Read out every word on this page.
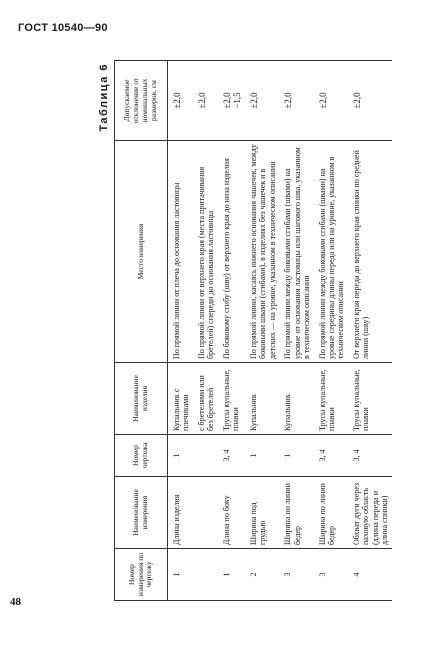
ГОСТ 10540—90
48
Таблица 6
Номер измерения по чертежу	Наименование измерения	Номер чертежа	Наименование изделия	Место измерения	Допускаемое отклонение от номинальных размеров, см
1	Длина изделия	1	Купальник с плечиками	По прямой линии от плеча до основания ластовицы	±2,0

			с бретелями или без бретелей	По прямой линии от верхнего края (места притачивания бретелей) спереди до основания ластовицы	±2,0

1	Длина по боку	3, 4	Трусы купальные, плавки	По боковому сгибу (шву) от верхнего края до низа изделия	±2,0 −1,5

2	Ширина под грудью	1	Купальник	По прямой линии, касаясь нижнего основания чашечек, между боковыми швами (сгибами), в изделиях без чашечек и в детских — на уровне, указанном в техническом описании	±2,0

3	Ширина по линии бедер	1	Купальник	По прямой линии между боковыми сгибами (швами) на уровне от основания ластовицы или шагового шва, указанном в техническом описании	±2,0

3	Ширина по линии бедер	3, 4	Трусы купальные, плавки	По прямой линии между боковыми сгибами (швами) на уровне середины длины переда или на уровне, указанном в техническом описании	±2,0

4	Обхват дуги через паховую область (длина переда и длина спинки)	3, 4	Трусы купальные, плавки	От верхнего края переда до верхнего края спинки по средней линии (шву)	±2,0
